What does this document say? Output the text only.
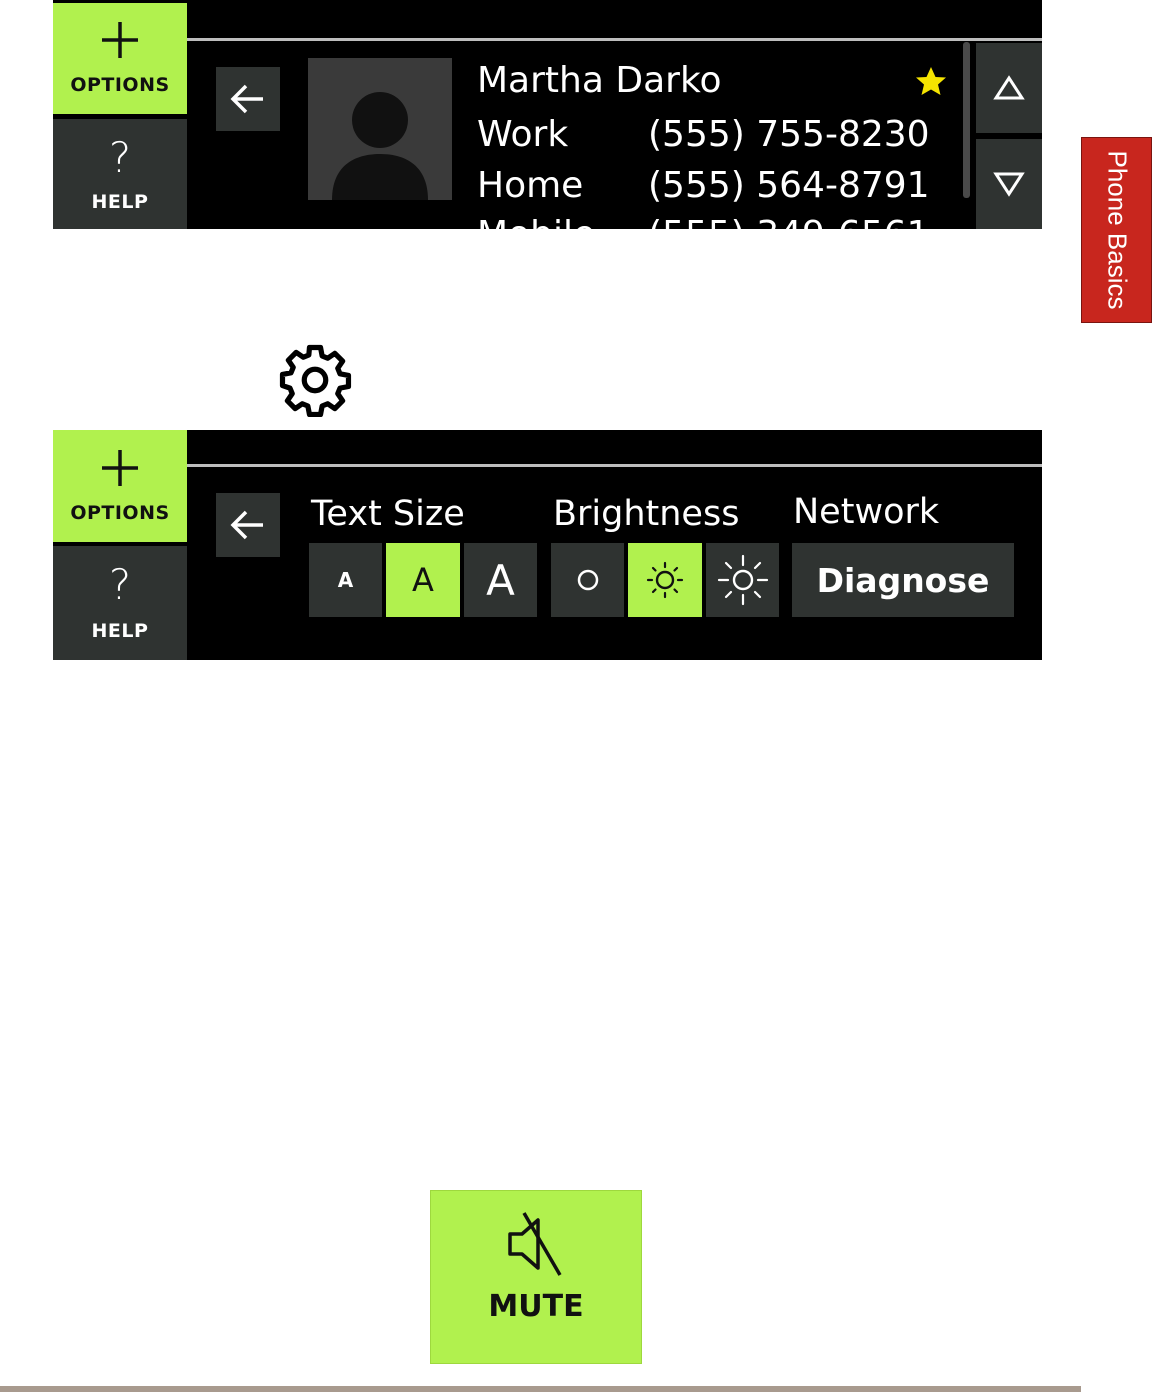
OPTIONS
?
HELP
Martha Darko
Work (555) 755-8230
Home (555) 564-8791
Mobile (555) 349-6561
OPTIONS
?
HELP
Text Size
A A A
Brightness Network
Diagnose
MUTE
Phone Basics
